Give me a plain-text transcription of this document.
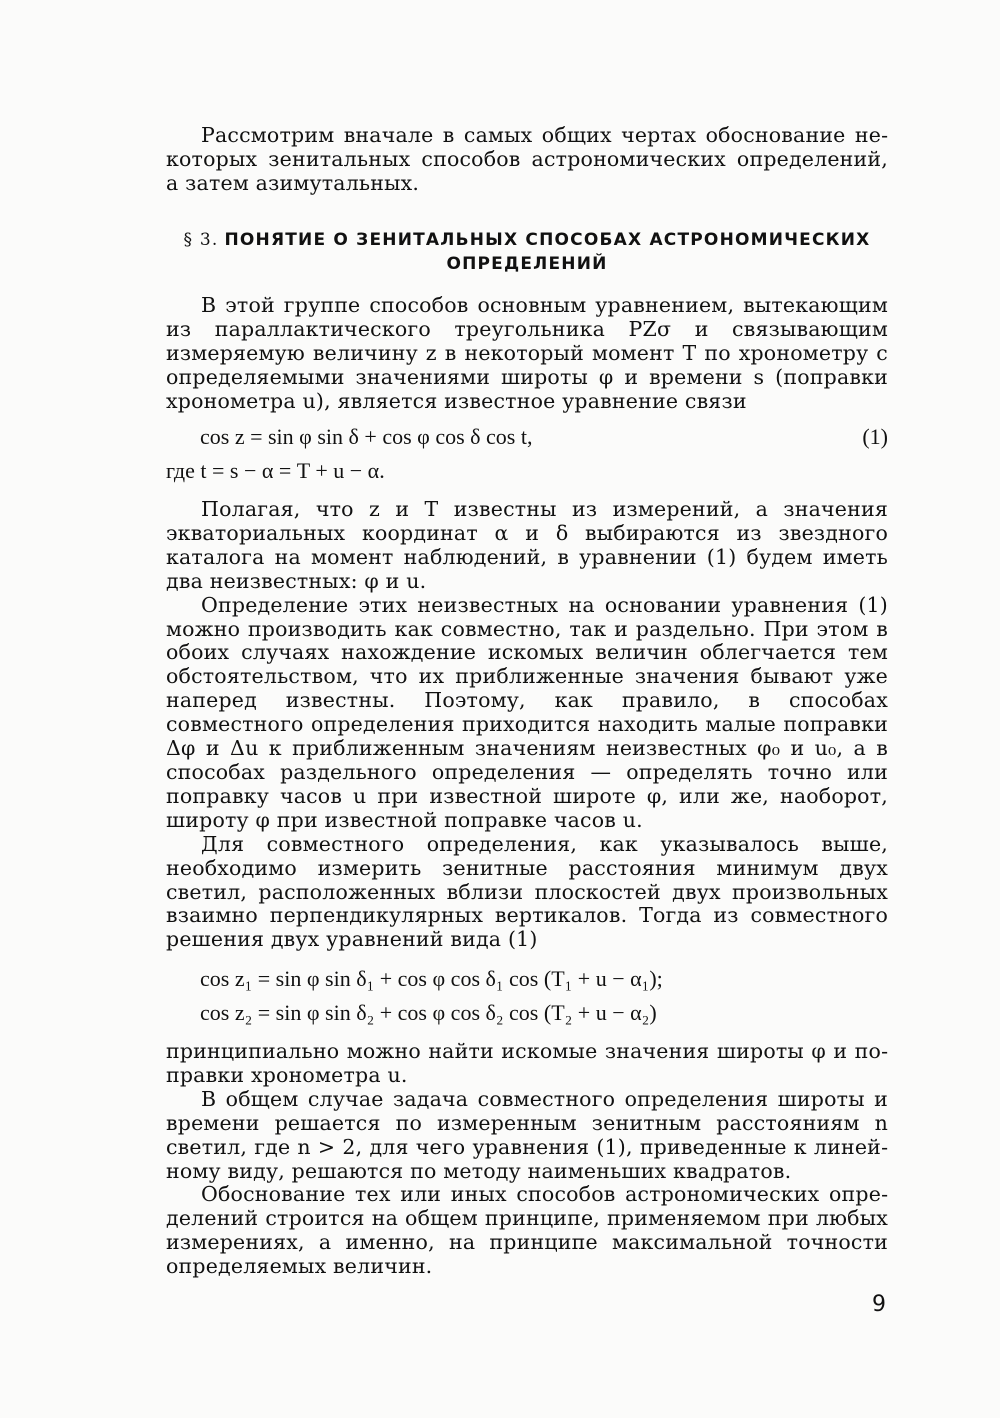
Рассмотрим вначале в самых общих чертах обоснование некоторых зенитальных способов астрономических определений, а затем азимутальных.

§ 3. ПОНЯТИЕ О ЗЕНИТАЛЬНЫХ СПОСОБАХ АСТРОНОМИЧЕСКИХ ОПРЕДЕЛЕНИЙ

В этой группе способов основным уравнением, вытекающим из параллактического треугольника PZσ и связывающим измеряемую величину z в некоторый момент T по хронометру с определяемыми значениями широты φ и времени s (поправки хронометра u), является известное уравнение связи

cos z = sin φ sin δ + cos φ cos δ cos t,	(1)
где t = s − α = T + u − α.

Полагая, что z и T известны из измерений, а значения экваториальных координат α и δ выбираются из звездного каталога на момент наблюдений, в уравнении (1) будем иметь два неизвестных: φ и u.

Определение этих неизвестных на основании уравнения (1) можно производить как совместно, так и раздельно. При этом в обоих случаях нахождение искомых величин облегчается тем обстоятельством, что их приближенные значения бывают уже наперед известны. Поэтому, как правило, в способах совместного определения приходится находить малые поправки Δφ и Δu к приближенным значениям неизвестных φ₀ и u₀, а в способах раздельного определения — определять точно или поправку часов u при известной широте φ, или же, наоборот, широту φ при известной поправке часов u.

Для совместного определения, как указывалось выше, необходимо измерить зенитные расстояния минимум двух светил, расположенных вблизи плоскостей двух произвольных взаимно перпендикулярных вертикалов. Тогда из совместного решения двух уравнений вида (1)

cos z₁ = sin φ sin δ₁ + cos φ cos δ₁ cos (T₁ + u − α₁);
cos z₂ = sin φ sin δ₂ + cos φ cos δ₂ cos (T₂ + u − α₂)

принципиально можно найти искомые значения широты φ и поправки хронометра u.

В общем случае задача совместного определения широты и времени решается по измеренным зенитным расстояниям n светил, где n > 2, для чего уравнения (1), приведенные к линейному виду, решаются по методу наименьших квадратов.

Обоснование тех или иных способов астрономических определений строится на общем принципе, применяемом при любых измерениях, а именно, на принципе максимальной точности определяемых величин.

9
